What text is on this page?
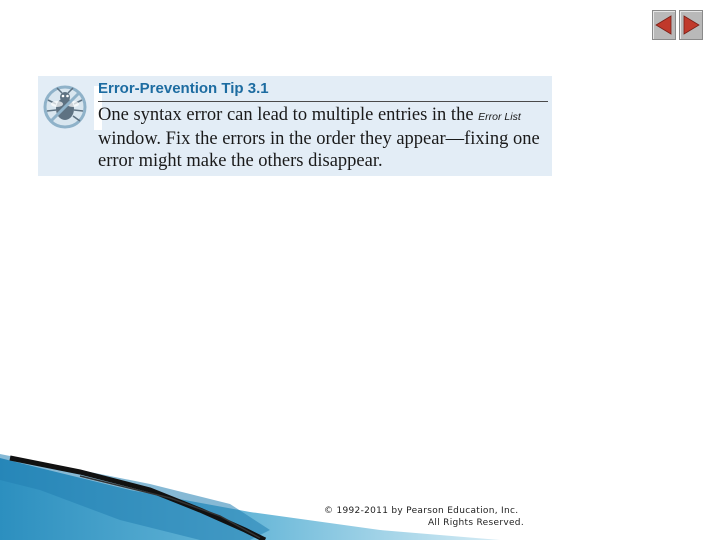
Error-Prevention Tip 3.1
One syntax error can lead to multiple entries in the Error List window. Fix the errors in the order they appear—fixing one error might make the others disappear.
© 1992-2011 by Pearson Education, Inc.
All Rights Reserved.
